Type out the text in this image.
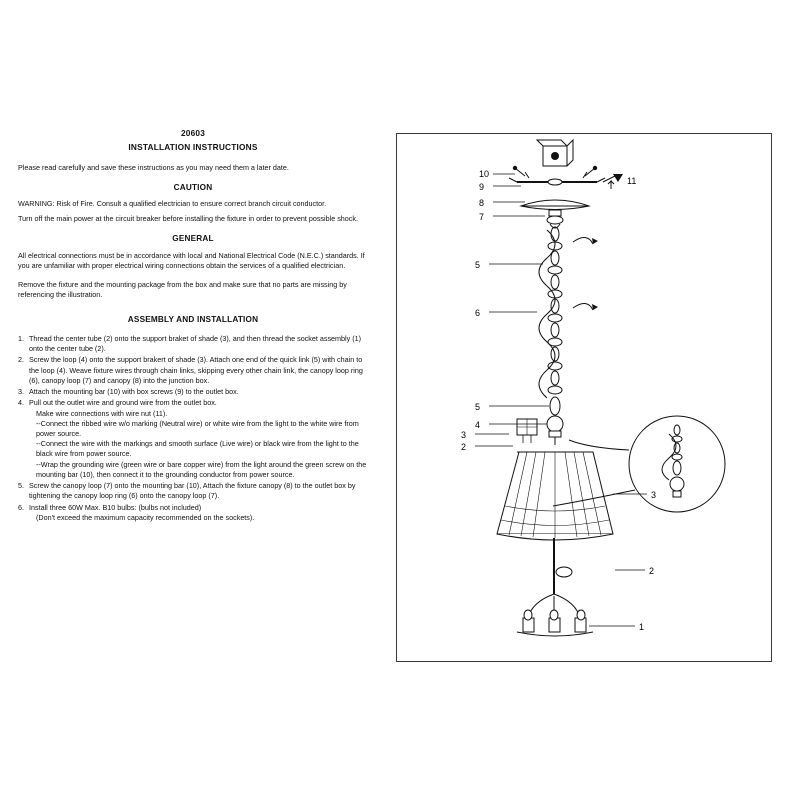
20603
INSTALLATION INSTRUCTIONS

Please read carefully and save these instructions as you may need them a later date.

CAUTION

WARNING: Risk of Fire. Consult a qualified electrician to ensure correct branch circuit conductor.

Turn off the main power at the circuit breaker before installing the fixture in order to prevent possible shock.

GENERAL

All electrical connections must be in accordance with local and National Electrical Code (N.E.C.) standards. If you are unfamiliar with proper electrical wiring connections obtain the services of a qualified electrician.

Remove the fixture and the mounting package from the box and make sure that no parts are missing by referencing the illustration.

ASSEMBLY AND INSTALLATION
1. Thread the center tube (2) onto the support braket of shade (3), and then thread the socket assembly (1) onto the center tube (2).
2. Screw the loop (4) onto the support brakert of shade (3). Attach one end of the quick link (5) with chain to the loop (4). Weave fixture wires through chain links, skipping every other chain link, the canopy loop ring (6), canopy loop (7) and canopy (8) into the junction box.
3. Attach the mounting bar (10) with box screws (9) to the outlet box.
4. Pull out the outlet wire and ground wire from the outlet box.
Make wire connections with wire nut (11).
--Connect the ribbed wire w/o marking (Neutral wire) or white wire from the light to the white wire from power source.
--Connect the wire with the markings and smooth surface (Live wire) or black wire from the light to the black wire from power source.
--Wrap the grounding wire (green wire or bare copper wire) from the light around the green screw on the mounting bar (10), then connect it to the grounding conductor from power source.
5. Screw the canopy loop (7) onto the mounting bar (10), Attach the fixture canopy (8) to the outlet box by tightening the canopy loop ring (6) onto the canopy loop (7).
6. Install three 60W Max. B10 bulbs: (bulbs not included)
(Don't exceed the maximum capacity recommended on the sockets).
10
9
8
7
11
5
6
5
4
3
2
3
2
1
